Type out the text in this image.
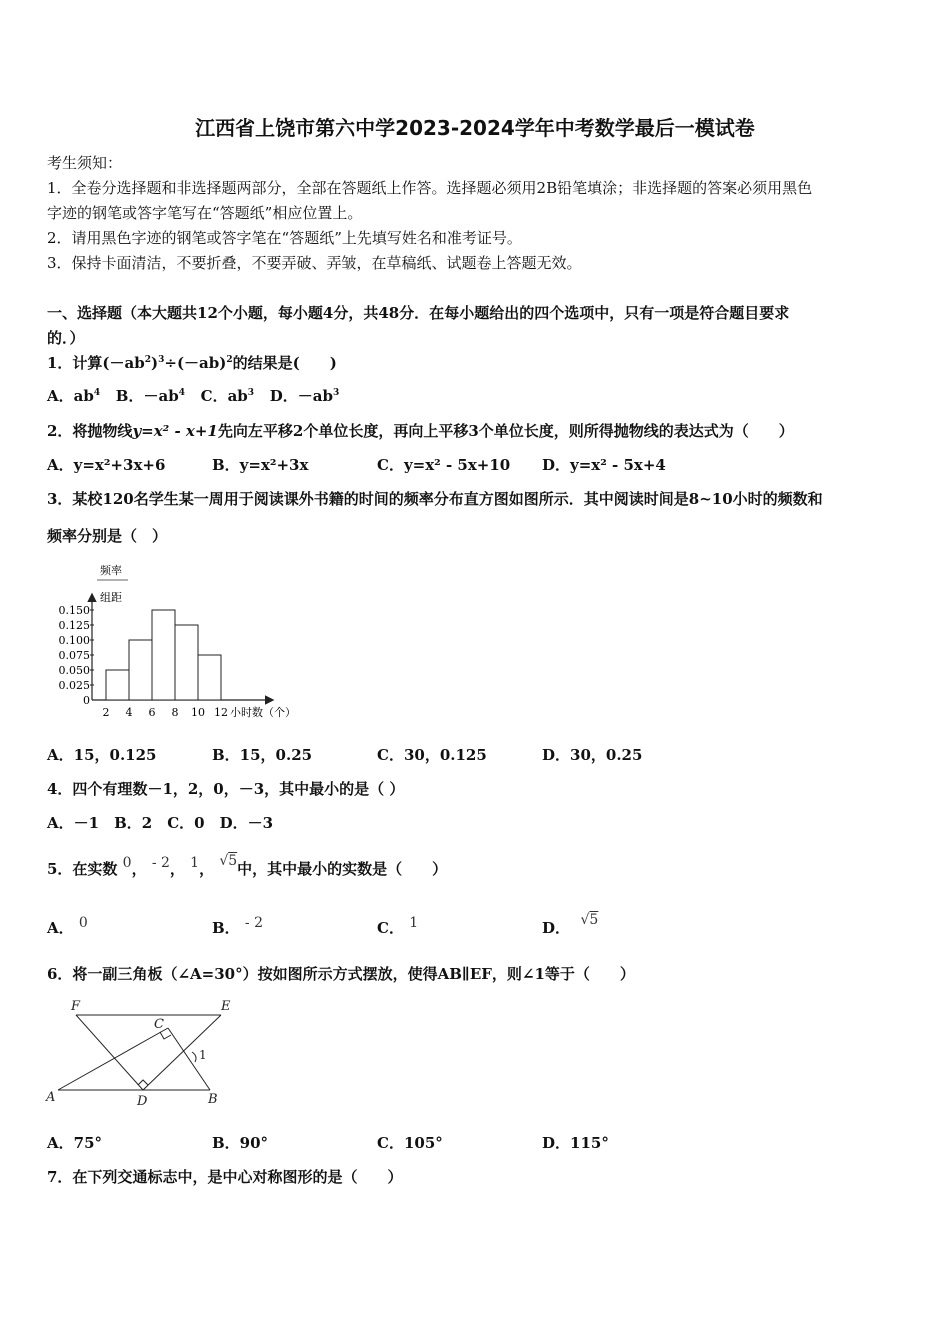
江西省上饶市第六中学2023-2024学年中考数学最后一模试卷
考生须知：
1．全卷分选择题和非选择题两部分，全部在答题纸上作答。选择题必须用2B铅笔填涂；非选择题的答案必须用黑色
字迹的钢笔或答字笔写在“答题纸”相应位置上。
2．请用黑色字迹的钢笔或答字笔在“答题纸”上先填写姓名和准考证号。
3．保持卡面清洁，不要折叠，不要弄破、弄皱，在草稿纸、试题卷上答题无效。
一、选择题（本大题共12个小题，每小题4分，共48分．在每小题给出的四个选项中，只有一项是符合题目要求
的．）
1．计算$(-ab^2)^3\div(-ab)^2$的结果是(　　)
A．$ab^4$ B．$-ab^4$ C．$ab^3$ D．$-ab^3$
2．将抛物线y=x² - x+1先向左平移2个单位长度，再向上平移3个单位长度，则所得抛物线的表达式为（　　）
A．y=x²+3x+6	B．y=x²+3x	C．y=x² - 5x+10 D．y=x² - 5x+4
3．某校120名学生某一周用于阅读课外书籍的时间的频率分布直方图如图所示．其中阅读时间是8~10小时的频数和
频率分别是（　）
频率
组距
0
0.025
0.050
0.075
0.100
0.125
0.150
2 4 6 8 10 12 小时数（个）
A．15，0.125	B．15，0.25	C．30，0.125	D．30，0.25
4．四个有理数－1，2，0，－3，其中最小的是（ ）
A．－1　B．2　C．0　D．－3
5．在实数 0， - 2， 1， √5中，其中最小的实数是（　　）
A． 0	B． - 2	C． 1	D． √5
6．将一副三角板（∠A=30°）按如图所示方式摆放，使得AB∥EF，则∠1等于（　　）
F	E
C
1
A	D	B
A．75°	B．90°	C．105°	D．115°
7．在下列交通标志中，是中心对称图形的是（　　）
